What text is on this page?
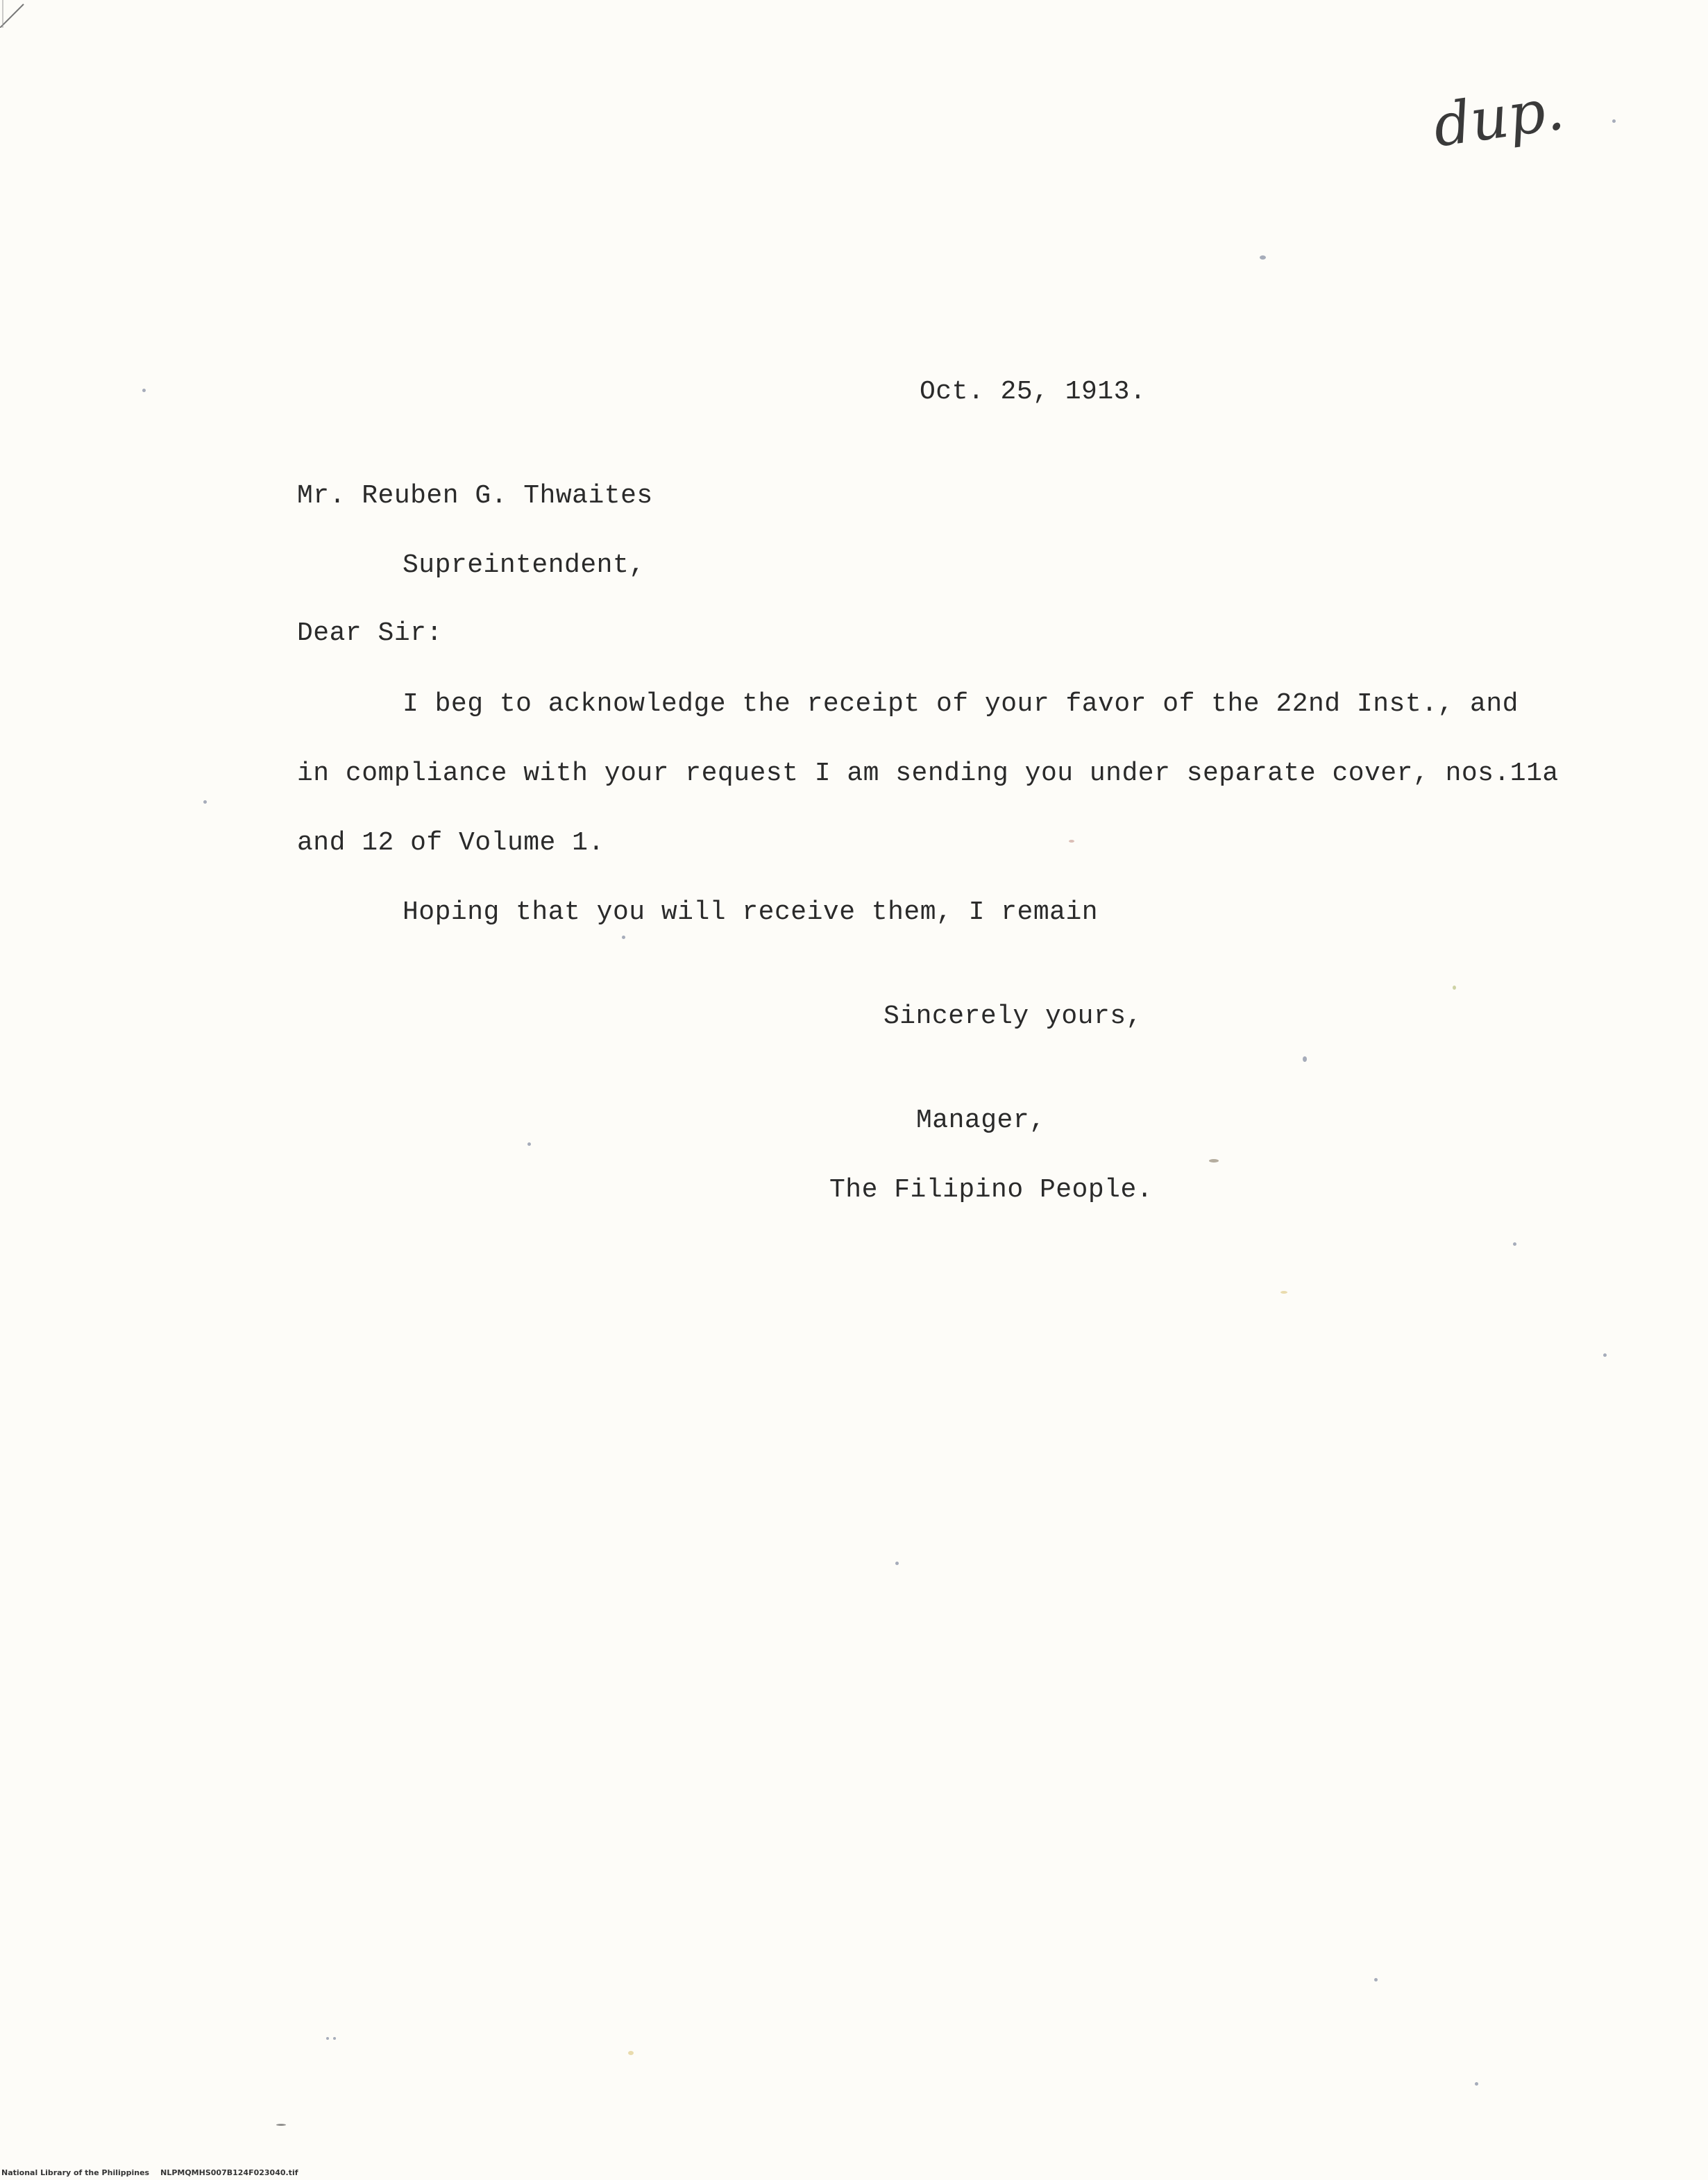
dup.
Oct. 25, 1913.
Mr. Reuben G. Thwaites
Supreintendent,
Dear Sir:
I beg to acknowledge the receipt of your favor of the 22nd Inst., and
in compliance with your request I am sending you under separate cover, nos.11a
and 12 of Volume 1.
Hoping that you will receive them, I remain
Sincerely yours,
Manager,
The Filipino People.
National Library of the Philippines NLPMQMHS007B124F023040.tif
